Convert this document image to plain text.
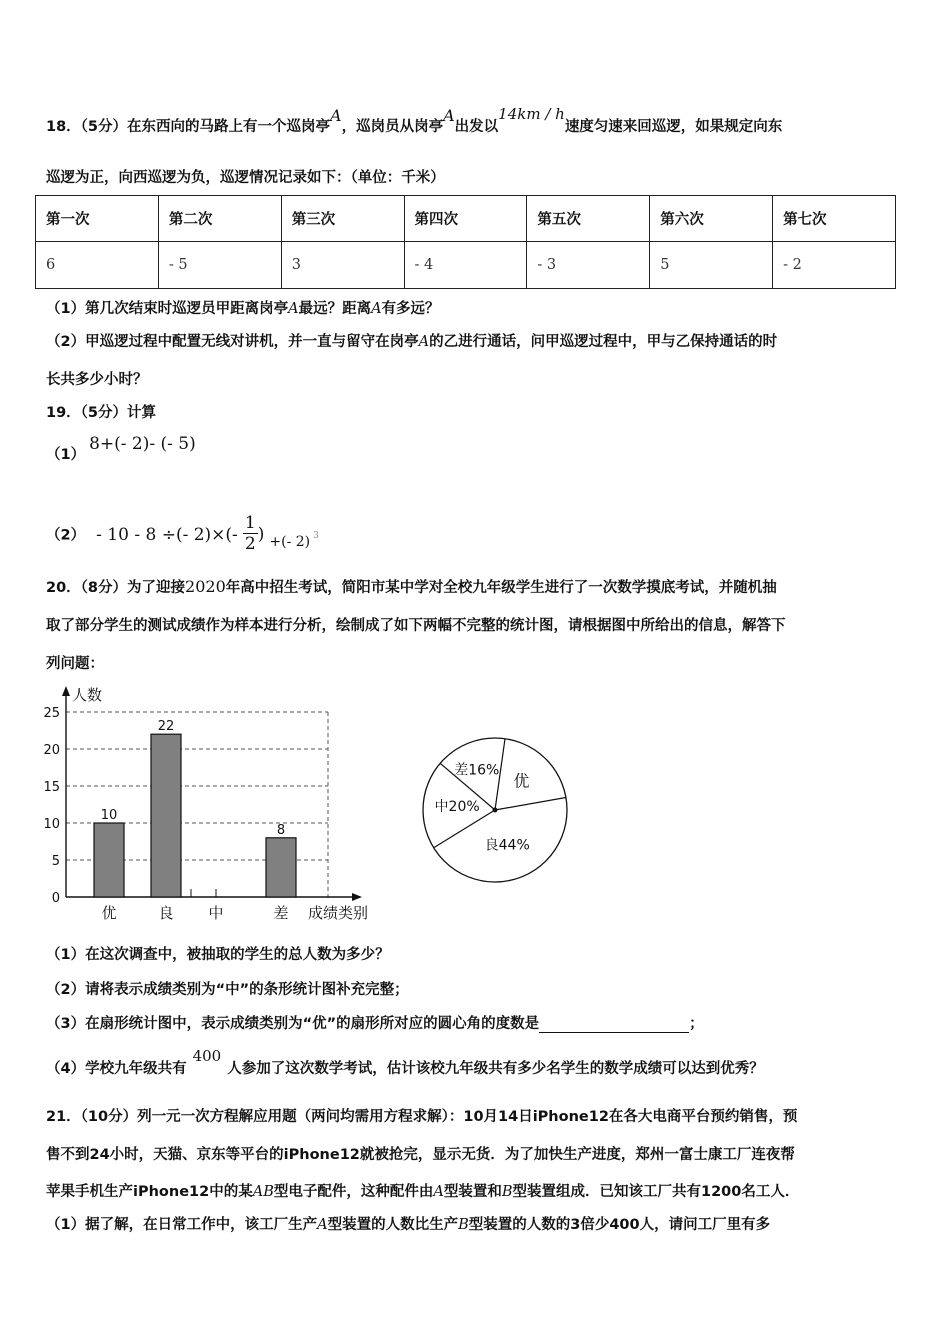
18．（5分）在东西向的马路上有一个巡岗亭A，巡岗员从岗亭A出发以14km / h速度匀速来回巡逻，如果规定向东
巡逻为正，向西巡逻为负，巡逻情况记录如下：（单位：千米）
第一次	第二次	第三次	第四次	第五次	第六次	第七次
6	- 5	3	- 4	- 3	5	- 2
（1）第几次结束时巡逻员甲距离岗亭A最远？距离A有多远？
（2）甲巡逻过程中配置无线对讲机，并一直与留守在岗亭A的乙进行通话，问甲巡逻过程中，甲与乙保持通话的时
长共多少小时？
19．（5分）计算
（1）8+(- 2)- (- 5)
（2） - 10 - 8 ÷(- $2)\times(- \frac{1}{2}$ ) +(- 2) $^3$
20．（8分）为了迎接2020年高中招生考试，简阳市某中学对全校九年级学生进行了一次数学摸底考试，并随机抽
取了部分学生的测试成绩作为样本进行分析，绘制成了如下两幅不完整的统计图，请根据图中所给出的信息，解答下
列问题：
0
5
10
15
20
25
人数
成绩类别
10
优
22
良 中
8
差
优
良44%
中20%
差16%
（1）在这次调查中，被抽取的学生的总人数为多少？
（2）请将表示成绩类别为“中”的条形统计图补充完整；
（3）在扇形统计图中，表示成绩类别为“优”的扇形所对应的圆心角的度数是	；
（4）学校九年级共有400人参加了这次数学考试，估计该校九年级共有多少名学生的数学成绩可以达到优秀？
21．（10分）列一元一次方程解应用题（两问均需用方程求解）：10月14日iPhone12在各大电商平台预约销售，预
售不到24小时，天猫、京东等平台的iPhone12就被抢完，显示无货．为了加快生产进度，郑州一富士康工厂连夜帮
苹果手机生产iPhone12中的某AB型电子配件，这种配件由A型装置和B型装置组成．已知该工厂共有1200名工人．
（1）据了解，在日常工作中，该工厂生产A型装置的人数比生产B型装置的人数的3倍少400人，请问工厂里有多
